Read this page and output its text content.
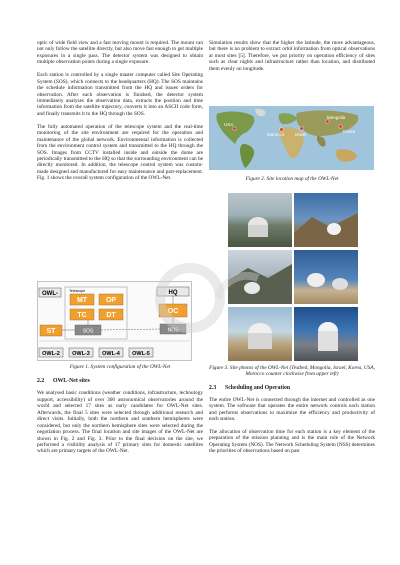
optic of wide field view and a fast moving mount is required. The mount can not only follow the satellite directly, but also move fast enough to get multiple exposures in a single pass. The detector system was designed to obtain multiple observation points during a single exposure.

Each station is controlled by a single master computer called Site Operating System (SOS), which connects to the headquarters (HQ). The SOS maintains the schedule information transmitted from the HQ and issues orders for observation. After each observation is finished, the detector system immediately analyses the observation data, extracts the position and time information from the satellite trajectory, converts it into an ASCII code form, and finally transmits it to the HQ through the SOS.

The fully automated operation of the telescope system and the real-time monitoring of the site environment are required for the operation and maintenance of the global network. Environmental information is collected from the environment control system and transmitted to the HQ through the SOS. Images from CCTV installed inside and outside the dome are periodically transmitted to the HQ so that the surrounding environment can be directly monitored. In addition, the telescope control system was custom-made designed and manufactured for easy maintenance and part-replacement. Fig. 1 shows the overall system configuration of the OWL-Net.

OWL-	Telescope
MT	OP
TC	DT
HQ
OC
ST	SOS	NOS
OWL-2 OWL-3 OWL-4 OWL-5

Figure 1. System configuration of the OWL-Net

2.2	OWL-Net sites

We analysed basic conditions (weather conditions, infrastructure, technology support, accessibility) of over 300 astronomical observatories around the world and selected 17 sites as early candidates for OWL-Net sites. Afterwards, the final 5 sites were selected through additional research and direct visits. Initially, both the northern and southern hemispheres were considered, but only the northern hemisphere sites were selected during the negotiation process. The final location and site images of the OWL-Net are shown in Fig. 2 and Fig. 3. Prior to the final decision on the site, we performed a visibility analysis of 17 primary sites for domestic satellites which are primary targets of the OWL-Net.

Simulation results show that the higher the latitude, the more advantageous, but there is no problem to extract orbit information from optical observations at most sites [5]. Therefore, we put priority on operation efficiency of sites such as clear nights and infrastructure rather than location, and distributed them evenly on longitude.

USA
Morocco Israel
Mongolia
Korea

Figure 2. Site location map of the OWL-Net

Figure 3. Site photos of the OWL-Net (Testbed, Mongolia, Israel, Korea, USA, Morocco counter clockwise from upper left)

2.3	Scheduling and Operation

The entire OWL-Net is connected through the internet and controlled as one system. The software that operates the entire network controls each station and performs observations to maximize the efficiency and productivity of each station.

The allocation of observation time for each station is a key element of the preparation of the mission planning and is the main role of the Network Operating System (NOS). The Network Scheduling System (NSS) determines the priorities of observations based on past
